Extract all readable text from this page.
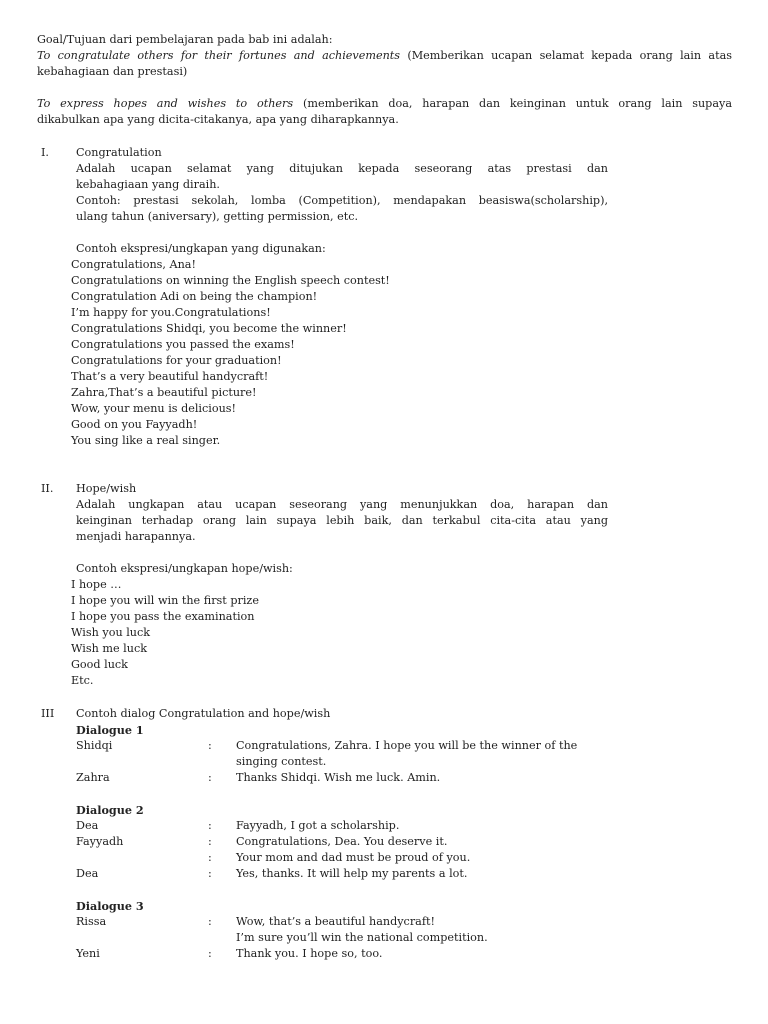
Goal/Tujuan dari pembelajaran pada bab ini adalah:
To congratulate others for their fortunes and achievements (Memberikan ucapan selamat kepada orang lain atas
kebahagiaan dan prestasi)
To express hopes and wishes to others (memberikan doa, harapan dan keinginan untuk orang lain supaya
dikabulkan apa yang dicita-citakanya, apa yang diharapkannya.
I. Congratulation
Adalah ucapan selamat yang ditujukan kepada seseorang atas prestasi dan
kebahagiaan yang diraih.
Contoh: prestasi sekolah, lomba (Competition), mendapakan beasiswa(scholarship),
ulang tahun (aniversary), getting permission, etc.
Contoh ekspresi/ungkapan yang digunakan:
Congratulations, Ana!
Congratulations on winning the English speech contest!
Congratulation Adi on being the champion!
I’m happy for you.Congratulations!
Congratulations Shidqi, you become the winner!
Congratulations you passed the exams!
Congratulations for your graduation!
That’s a very beautiful handycraft!
Zahra,That’s a beautiful picture!
Wow, your menu is delicious!
Good on you Fayyadh!
You sing like a real singer.
II. Hope/wish
Adalah ungkapan atau ucapan seseorang yang menunjukkan doa, harapan dan
keinginan terhadap orang lain supaya lebih baik, dan terkabul cita-cita atau yang
menjadi harapannya.
Contoh ekspresi/ungkapan hope/wish:
I hope …
I hope you will win the first prize
I hope you pass the examination
Wish you luck
Wish me luck
Good luck
Etc.
III Contoh dialog Congratulation and hope/wish
Dialogue 1
Shidqi	: Congratulations, Zahra. I hope you will be the winner of the
singing contest.
Zahra	: Thanks Shidqi. Wish me luck. Amin.
Dialogue 2
Dea	: Fayyadh, I got a scholarship.
Fayyadh	: Congratulations, Dea. You deserve it.
: Your mom and dad must be proud of you.
Dea	: Yes, thanks. It will help my parents a lot.
Dialogue 3
Rissa	: Wow, that’s a beautiful handycraft!
I’m sure you’ll win the national competition.
Yeni	: Thank you. I hope so, too.
